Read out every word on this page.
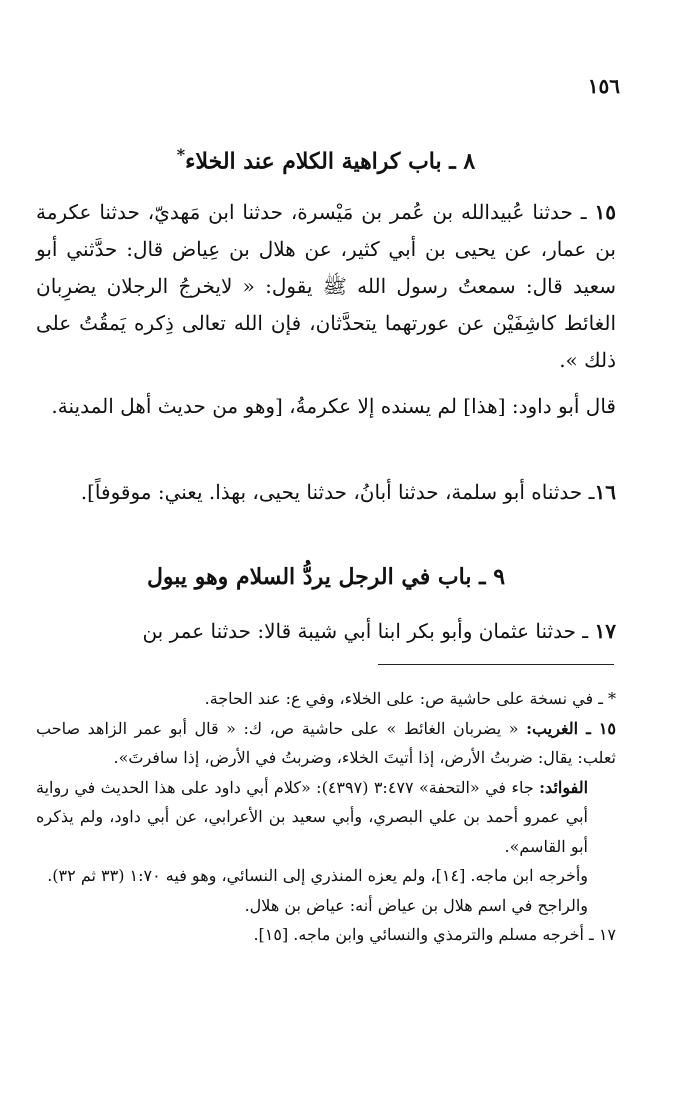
١٥٦
٨ ـ باب كراهية الكلام عند الخلاء*
١٥ ـ حدثنا عُبيدالله بن عُمر بن مَيْسرة، حدثنا ابن مَهديّ، حدثنا عكرمة بن عمار، عن يحيى بن أبي كثير، عن هلال بن عِياض قال: حدَّثني أبو سعيد قال: سمعتُ رسول الله ﷺ يقول: « لايخرجُ الرجلان يضرِبان الغائط كاشِفَيْن عن عورتهما يتحدَّثان، فإن الله تعالى ذِكره يَمقُتُ على ذلك ».
قال أبو داود: [هذا] لم يسنده إلا عكرمةُ، [وهو من حديث أهل المدينة.
١٦ـ حدثناه أبو سلمة، حدثنا أبانُ، حدثنا يحيى، بهذا. يعني: موقوفاً].
٩ ـ باب في الرجل يردُّ السلام وهو يبول
١٧ ـ حدثنا عثمان وأبو بكر ابنا أبي شيبة قالا: حدثنا عمر بن

* ـ في نسخة على حاشية ص: على الخلاء، وفي ع: عند الحاجة.

١٥ ـ الغريب: « يضربان الغائط » على حاشية ص، ك: « قال أبو عمر الزاهد صاحب ثعلب: يقال: ضربتُ الأرض، إذا أتيتَ الخلاء، وضربتُ في الأرض، إذا سافرتَ».

الفوائد: جاء في «التحفة» ٣:٤٧٧ (٤٣٩٧): «كلام أبي داود على هذا الحديث في رواية أبي عمرو أحمد بن علي البصري، وأبي سعيد بن الأعرابي، عن أبي داود، ولم يذكره أبو القاسم».

وأخرجه ابن ماجه. [١٤]، ولم يعزه المنذري إلى النسائي، وهو فيه ١:٧٠ (٣٣ ثم ٣٢).

والراجح في اسم هلال بن عياض أنه: عياض بن هلال.

١٧ ـ أخرجه مسلم والترمذي والنسائي وابن ماجه. [١٥].
